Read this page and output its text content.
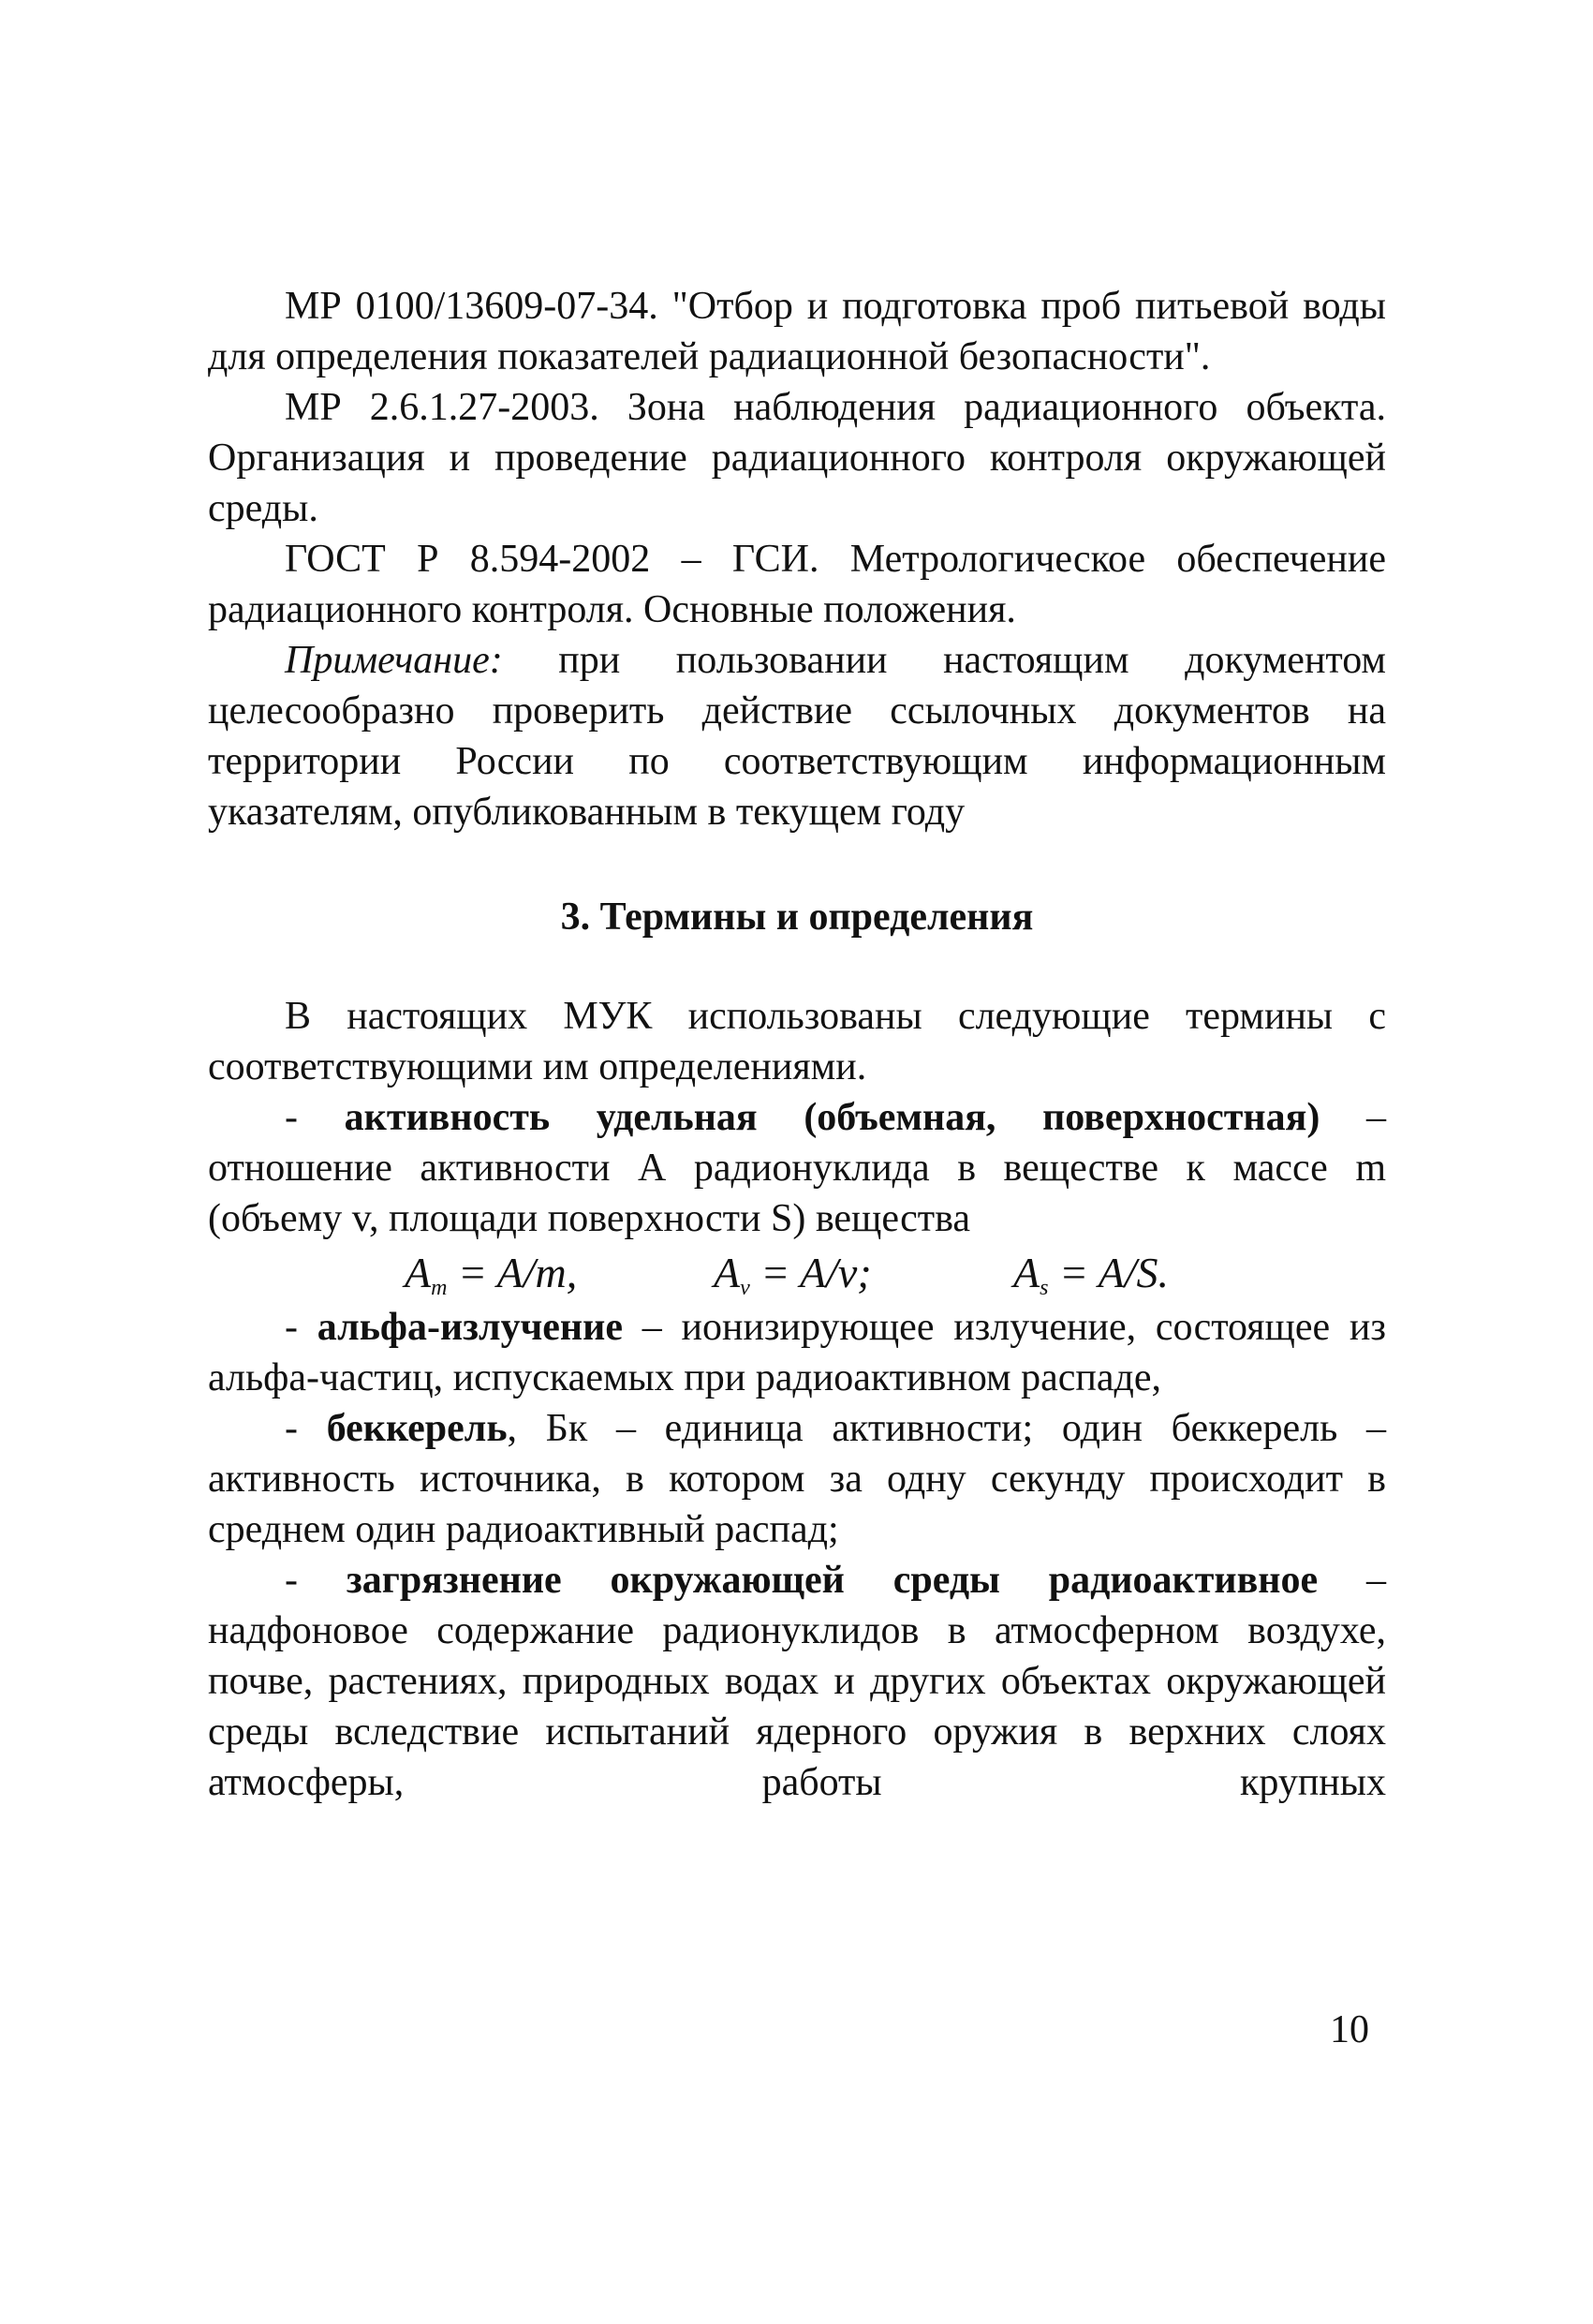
МР 0100/13609-07-34. "Отбор и подготовка проб питьевой воды для определения показателей радиационной безопасности".

МР 2.6.1.27-2003. Зона наблюдения радиационного объекта. Организация и проведение радиационного контроля окружающей среды.

ГОСТ Р 8.594-2002 – ГСИ. Метрологическое обеспечение радиационного контроля. Основные положения.

Примечание: при пользовании настоящим документом целесообразно проверить действие ссылочных документов на территории России по соответствующим информационным указателям, опубликованным в текущем году

3. Термины и определения

В настоящих МУК использованы следующие термины с соответствующими им определениями.

- активность удельная (объемная, поверхностная) – отношение активности А радионуклида в веществе к массе m (объему v, площади поверхности S) вещества

$A_m = A/m$,	$A_v = A/v$;	$A_s = A/S$.

- альфа-излучение – ионизирующее излучение, состоящее из альфа-частиц, испускаемых при радиоактивном распаде,

- беккерель, Бк – единица активности; один беккерель – активность источника, в котором за одну секунду происходит в среднем один радиоактивный распад;

- загрязнение окружающей среды радиоактивное – надфоновое содержание радионуклидов в атмосферном воздухе, почве, растениях, природных водах и других объектах окружающей среды вследствие испытаний ядерного оружия в верхних слоях атмосферы, работы крупных

10
